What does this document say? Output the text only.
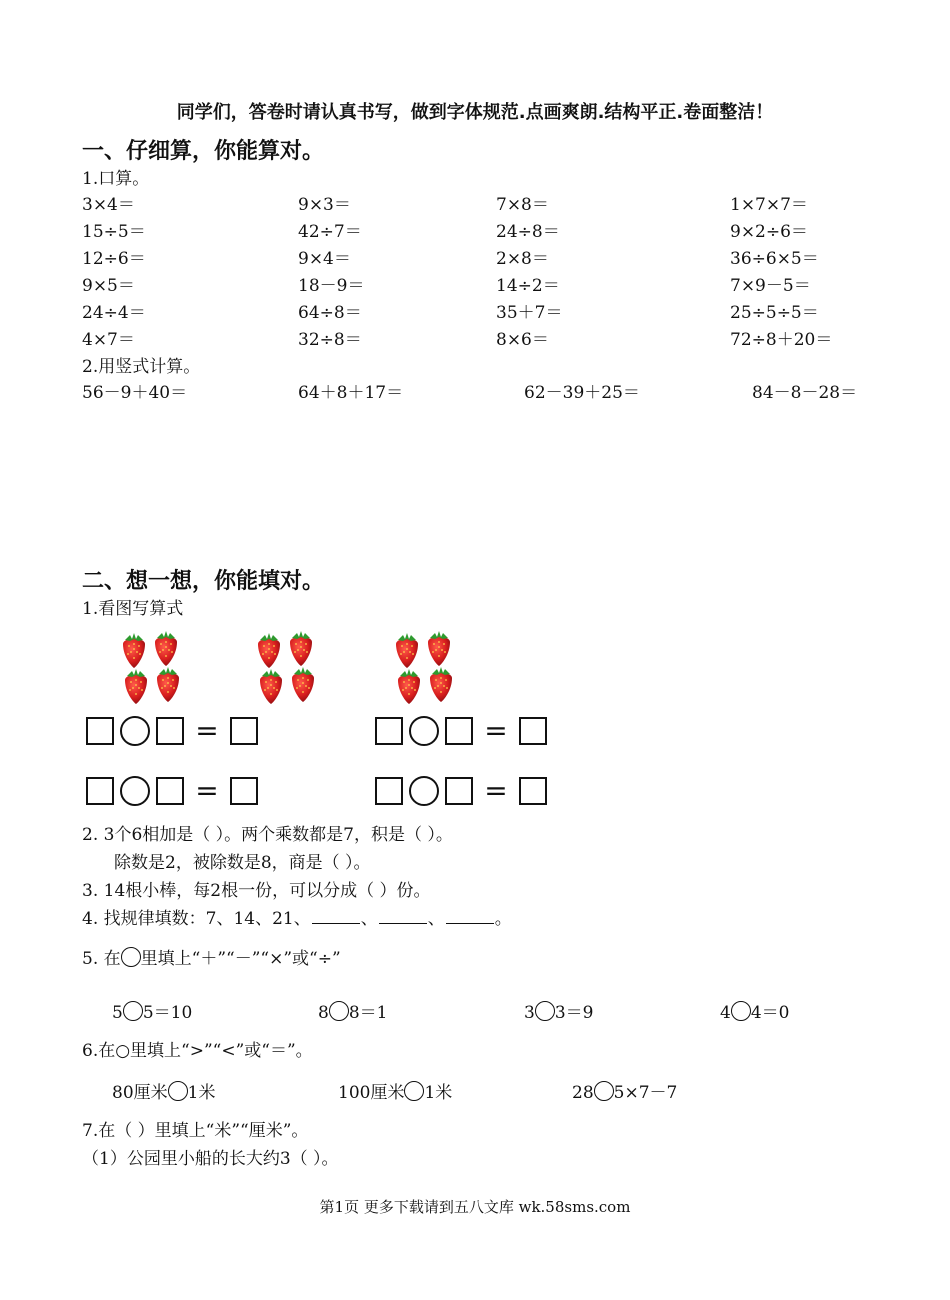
同学们，答卷时请认真书写，做到字体规范.点画爽朗.结构平正.卷面整洁！
一、仔细算，你能算对。
1.口算。
3×4＝	9×3＝	7×8＝	1×7×7＝
15÷5＝	42÷7＝	24÷8＝	9×2÷6＝
12÷6＝	9×4＝	2×8＝	36÷6×5＝
9×5＝	18－9＝	14÷2＝	7×9－5＝
24÷4＝	64÷8＝	35＋7＝	25÷5÷5＝
4×7＝	32÷8＝	8×6＝	72÷8＋20＝
2.用竖式计算。
56－9＋40＝	64＋8＋17＝	62－39＋25＝	84－8－28＝
二、想一想，你能填对。
1.看图写算式
=	=
=	=
2. 3个6相加是（ ）。两个乘数都是7，积是（ ）。
除数是2，被除数是8，商是（ ）。
3. 14根小棒，每2根一份，可以分成（ ）份。
4. 找规律填数：7、14、21、	、	、	。
5. 在 里填上“＋”“－”“×”或“÷”
5 5＝10	8 8＝1	3 3＝9	4 4＝0
6.在○里填上“>”“<”或“＝”。
80厘米 1米	100厘米 1米	28 5×7－7
7.在（ ）里填上“米”“厘米”。
（1）公园里小船的长大约3（ ）。
第1页 更多下载请到五八文库 wk.58sms.com
